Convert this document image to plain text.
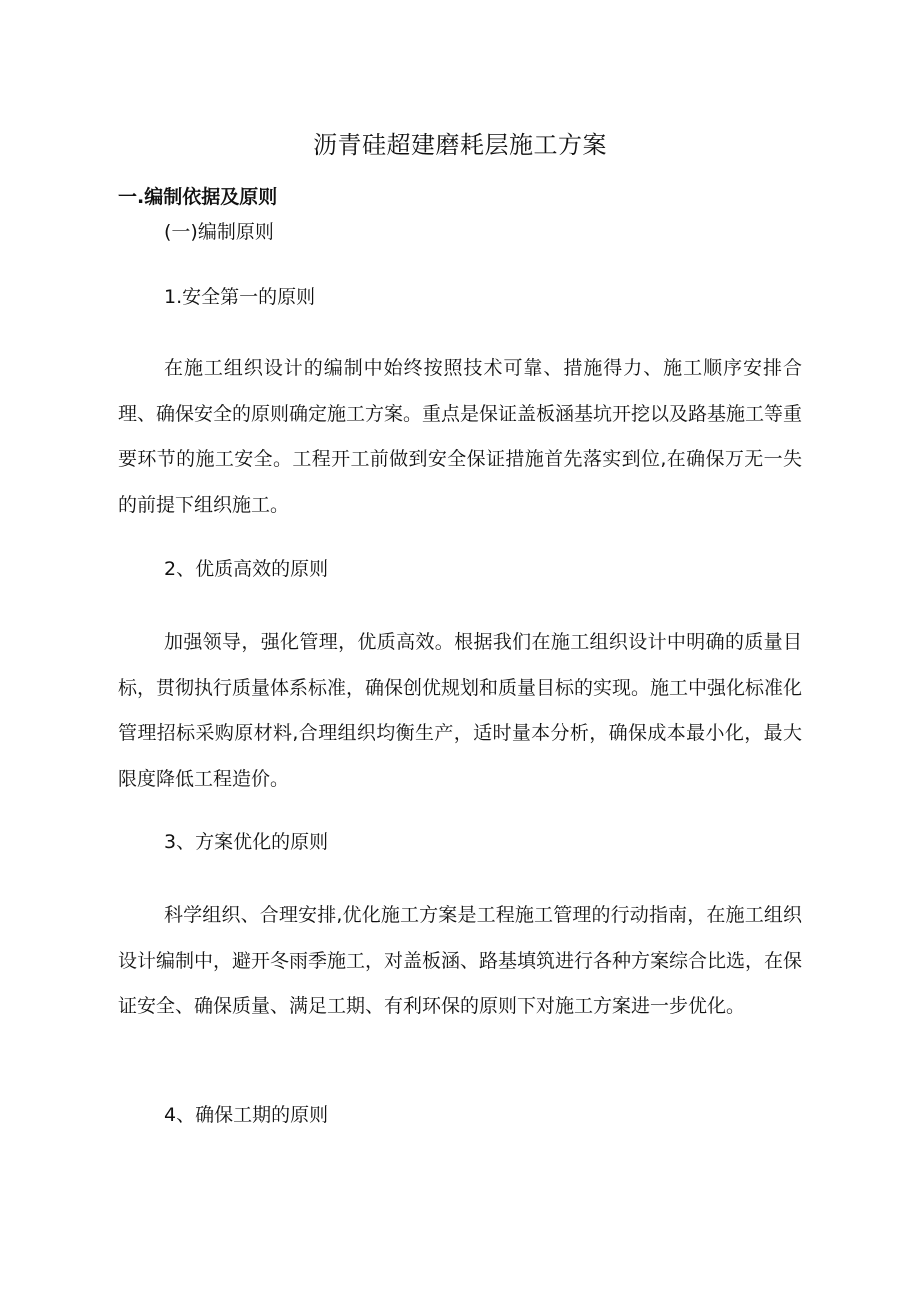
沥青硅超建磨耗层施工方案
一.编制依据及原则

(一)编制原则

1.安全第一的原则

在施工组织设计的编制中始终按照技术可靠、措施得力、施工顺序安排合理、确保安全的原则确定施工方案。重点是保证盖板涵基坑开挖以及路基施工等重要环节的施工安全。工程开工前做到安全保证措施首先落实到位,在确保万无一失的前提下组织施工。

2、优质高效的原则

加强领导，强化管理，优质高效。根据我们在施工组织设计中明确的质量目标，贯彻执行质量体系标准，确保创优规划和质量目标的实现。施工中强化标准化管理招标采购原材料,合理组织均衡生产，适时量本分析，确保成本最小化，最大限度降低工程造价。

3、方案优化的原则

科学组织、合理安排,优化施工方案是工程施工管理的行动指南，在施工组织设计编制中，避开冬雨季施工，对盖板涵、路基填筑进行各种方案综合比选，在保证安全、确保质量、满足工期、有利环保的原则下对施工方案进一步优化。

4、确保工期的原则
